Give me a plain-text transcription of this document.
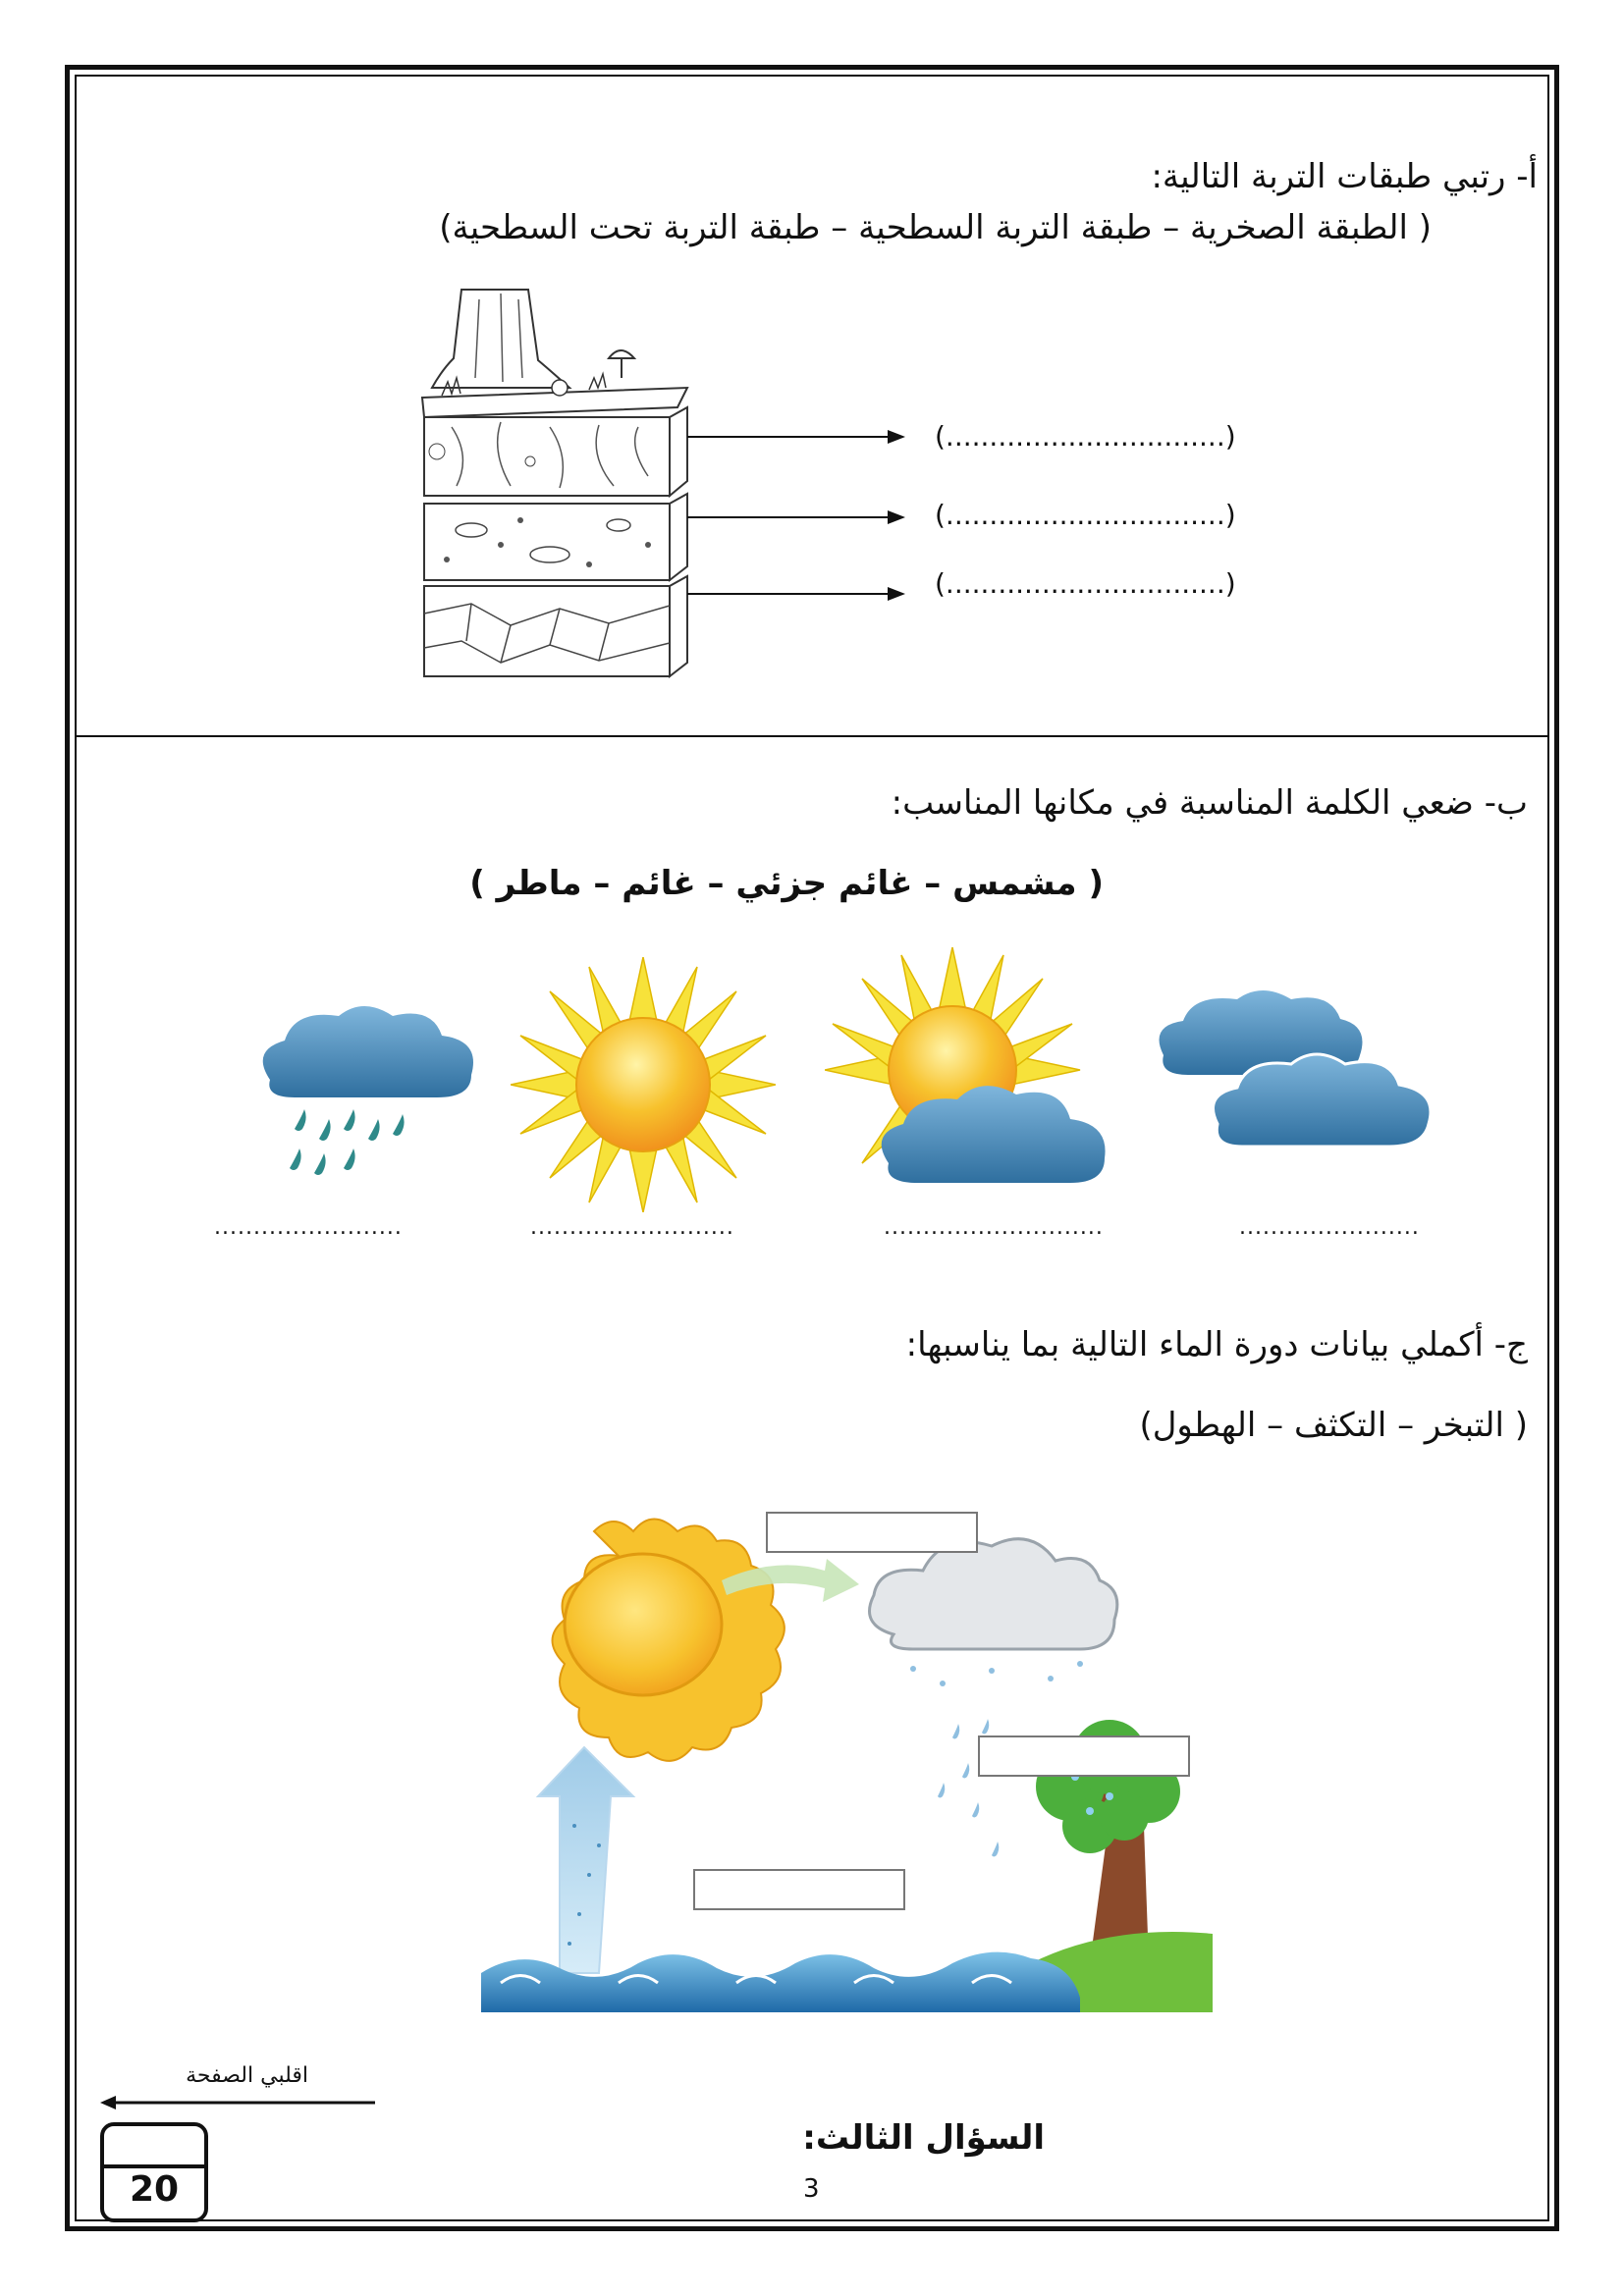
أ- رتبي طبقات التربة التالية:
( الطبقة الصخرية – طبقة التربة السطحية – طبقة التربة تحت السطحية)
(................................)
(................................)
(................................)
ب- ضعي الكلمة المناسبة في مكانها المناسب:
( مشمس – غائم جزئي – غائم – ماطر )
........................	..........................	............................	.......................
ج- أكملي بيانات دورة الماء التالية بما يناسبها:
( التبخر – التكثف – الهطول)
اقلبي الصفحة
20
السؤال الثالث:
3
